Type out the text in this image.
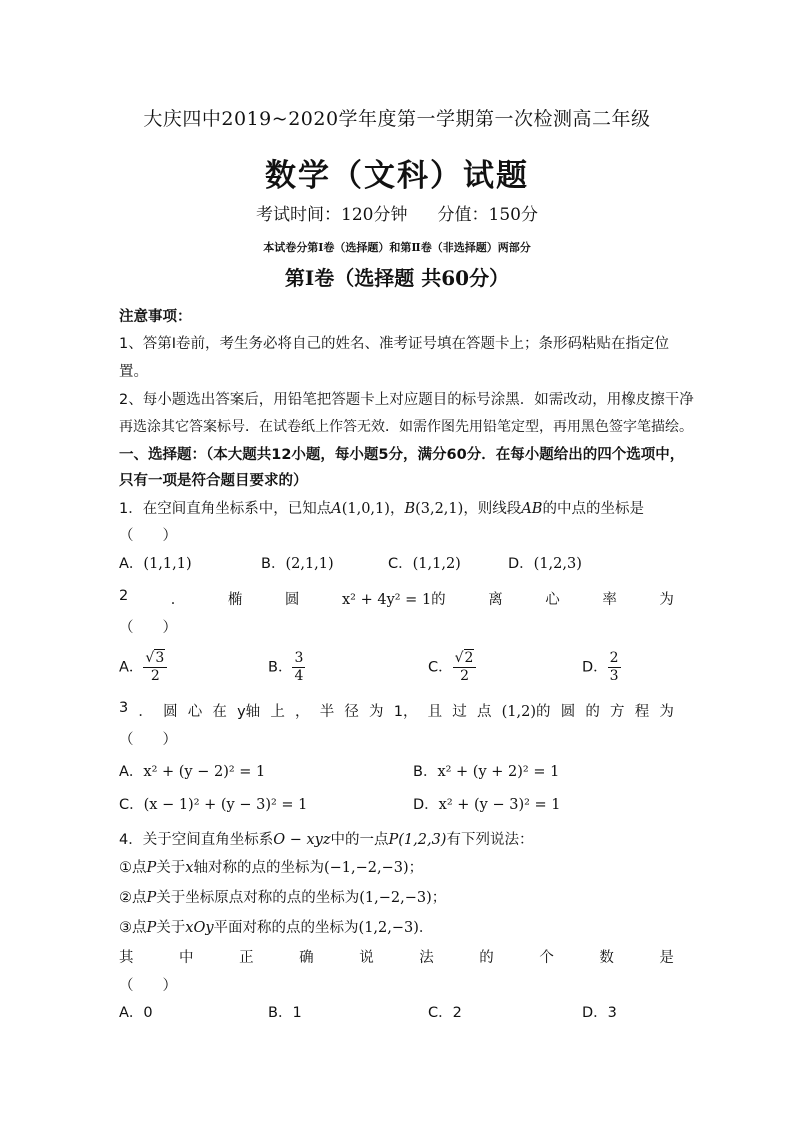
大庆四中2019~2020学年度第一学期第一次检测高二年级
数学（文科）试题
考试时间：120分钟 分值：150分
本试卷分第Ⅰ卷（选择题）和第Ⅱ卷（非选择题）两部分
第Ⅰ卷（选择题 共60分）
注意事项：
1、答第Ⅰ卷前，考生务必将自己的姓名、准考证号填在答题卡上；条形码粘贴在指定位
置。
2、每小题选出答案后，用铅笔把答题卡上对应题目的标号涂黑．如需改动，用橡皮擦干净
再选涂其它答案标号．在试卷纸上作答无效．如需作图先用铅笔定型，再用黑色签字笔描绘。
一、选择题：（本大题共12小题，每小题5分，满分60分．在每小题给出的四个选项中，
只有一项是符合题目要求的）
1．在空间直角坐标系中，已知点A(1,0,1)，B(3,2,1)，则线段AB的中点的坐标是
（　　）
A．(1,1,1)	B．(2,1,1)	C．(1,1,2)	D．(1,2,3)
2	．	椭	圆	x² + 4y² = 1的	离	心	率	为
（　　）
A． $\frac{√3}{2}$	B． $\frac{3}{4}$	C． $\frac{√2}{2}$	D． $\frac{2}{3}$
3 ． 圆 心 在 y轴 上 ， 半 径 为 1， 且 过 点 (1,2)的 圆 的 方 程 为
（　　）
A．x² + (y − 2)² = 1	B．x² + (y + 2)² = 1
C．(x − 1)² + (y − 3)² = 1	D．x² + (y − 3)² = 1
4．关于空间直角坐标系O − xyz中的一点P(1,2,3)有下列说法：
①点P关于x轴对称的点的坐标为(−1,−2,−3)；
②点P关于坐标原点对称的点的坐标为(1,−2,−3)；
③点P关于xOy平面对称的点的坐标为(1,2,−3)．
其	中	正	确	说	法	的	个	数	是
（　　）
A．0	B．1	C．2	D．3
